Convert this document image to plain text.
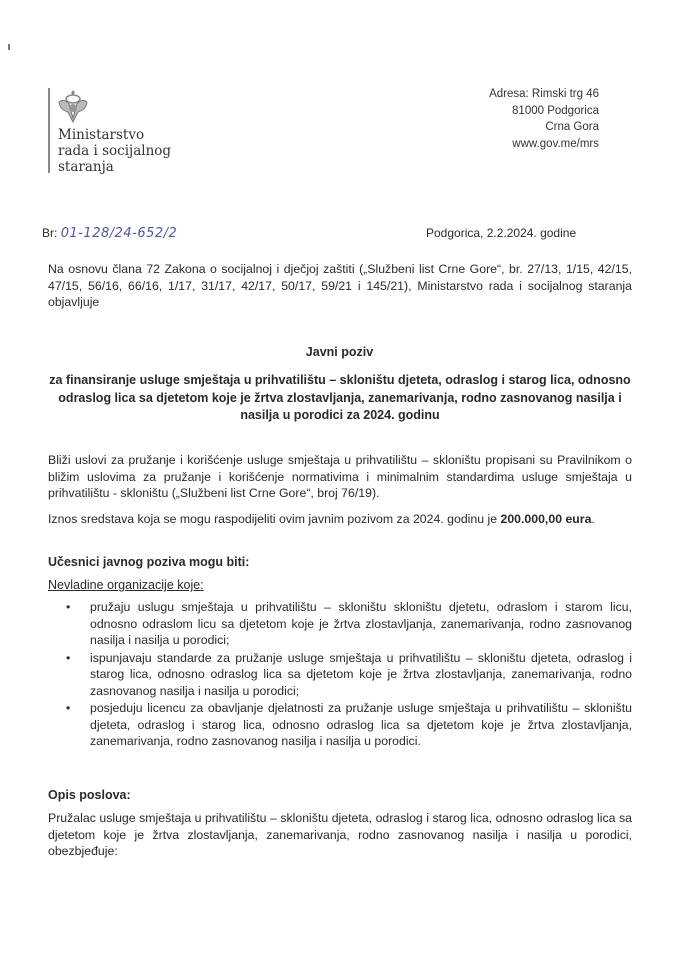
Ministarstvo
rada i socijalnog
staranja
Adresa: Rimski trg 46
81000 Podgorica
Crna Gora
www.gov.me/mrs
Br: 01-128/24-652/2	Podgorica, 2.2.2024. godine
Na osnovu člana 72 Zakona o socijalnoj i dječjoj zaštiti („Službeni list Crne Gore“, br. 27/13, 1/15, 42/15, 47/15, 56/16, 66/16, 1/17, 31/17, 42/17, 50/17, 59/21 i 145/21), Ministarstvo rada i socijalnog staranja objavljuje
Javni poziv
za finansiranje usluge smještaja u prihvatilištu – skloništu djeteta, odraslog i starog lica, odnosno odraslog lica sa djetetom koje je žrtva zlostavljanja, zanemarivanja, rodno zasnovanog nasilja i nasilja u porodici za 2024. godinu
Bliži uslovi za pružanje i korišćenje usluge smještaja u prihvatilištu – skloništu propisani su Pravilnikom o bližim uslovima za pružanje i korišćenje normativima i minimalnim standardima usluge smještaja u prihvatilištu - skloništu („Službeni list Crne Gore“, broj 76/19).
Iznos sredstava koja se mogu raspodijeliti ovim javnim pozivom za 2024. godinu je 200.000,00 eura.
Učesnici javnog poziva mogu biti:
Nevladine organizacije koje:
• pružaju uslugu smještaja u prihvatilištu – skloništu skloništu djetetu, odraslom i starom licu, odnosno odraslom licu sa djetetom koje je žrtva zlostavljanja, zanemarivanja, rodno zasnovanog nasilja i nasilja u porodici;
• ispunjavaju standarde za pružanje usluge smještaja u prihvatilištu – skloništu djeteta, odraslog i starog lica, odnosno odraslog lica sa djetetom koje je žrtva zlostavljanja, zanemarivanja, rodno zasnovanog nasilja i nasilja u porodici;
• posjeduju licencu za obavljanje djelatnosti za pružanje usluge smještaja u prihvatilištu – skloništu djeteta, odraslog i starog lica, odnosno odraslog lica sa djetetom koje je žrtva zlostavljanja, zanemarivanja, rodno zasnovanog nasilja i nasilja u porodici.
Opis poslova:
Pružalac usluge smještaja u prihvatilištu – skloništu djeteta, odraslog i starog lica, odnosno odraslog lica sa djetetom koje je žrtva zlostavljanja, zanemarivanja, rodno zasnovanog nasilja i nasilja u porodici, obezbjeđuje:
